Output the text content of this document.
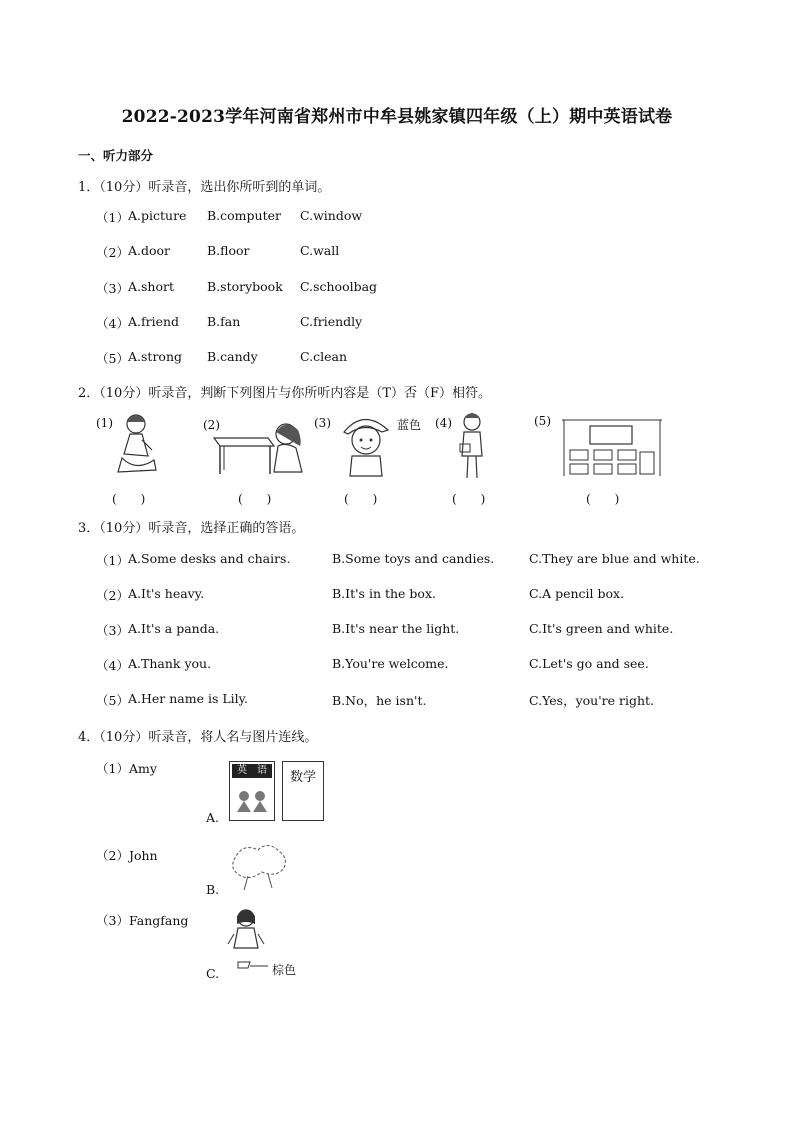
2022-2023学年河南省郑州市中牟县姚家镇四年级（上）期中英语试卷
一、听力部分
1．（10分）听录音，选出你所听到的单词。
（1） A.picture B.computer C.window
（2） A.door	B.floor	C.wall
（3） A.short	B.storybook C.schoolbag
（4） A.friend B.fan	C.friendly
（5） A.strong B.candy	C.clean
2．（10分）听录音，判断下列图片与你所听内容是（T）否（F）相符。
(1)
(　　)
(2)
(　　)
(3)	蓝色
(　　)
(4)
(　　)
(5)
(　　)
3．（10分）听录音，选择正确的答语。
（1） A.Some desks and chairs.	B.Some toys and candies.	C.They are blue and white.
（2） A.It's heavy.	B.It's in the box.	C.A pencil box.
（3） A.It's a panda.	B.It's near the light.	C.It's green and white.
（4） A.Thank you.	B.You're welcome.	C.Let's go and see.
（5） A.Her name is Lily.	B.No，he isn't.	C.Yes，you're right.
4．（10分）听录音，将人名与图片连线。
（1）Amy
A.
英　语	数学
（2）John
B.
（3）Fangfang
C.	棕色
